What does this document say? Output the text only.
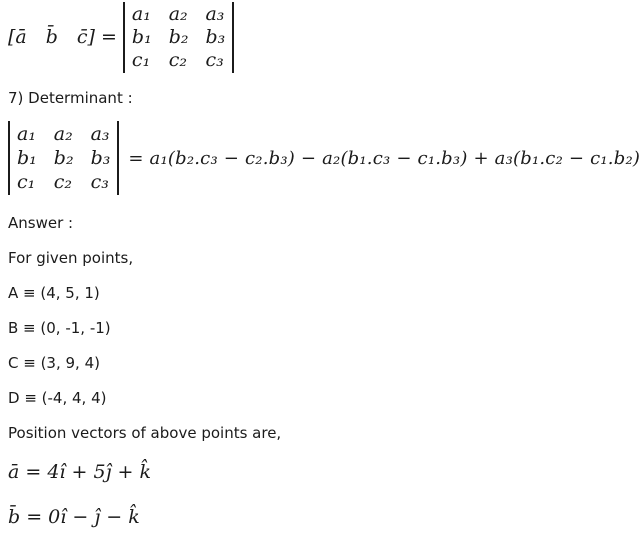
[ā  b̄  c̄] =
a₁ a₂ a₃
b₁ b₂ b₃
c₁ c₂ c₃

7) Determinant :

a₁ a₂ a₃
b₁ b₂ b₃
c₁ c₂ c₃
= a₁(b₂.c₃ − c₂.b₃) − a₂(b₁.c₃ − c₁.b₃) + a₃(b₁.c₂ − c₁.b₂)

Answer :

For given points,

A ≡ (4, 5, 1)

B ≡ (0, -1, -1)

C ≡ (3, 9, 4)

D ≡ (-4, 4, 4)

Position vectors of above points are,

ā = 4î + 5ĵ + k̂

b̄ = 0î − ĵ − k̂
